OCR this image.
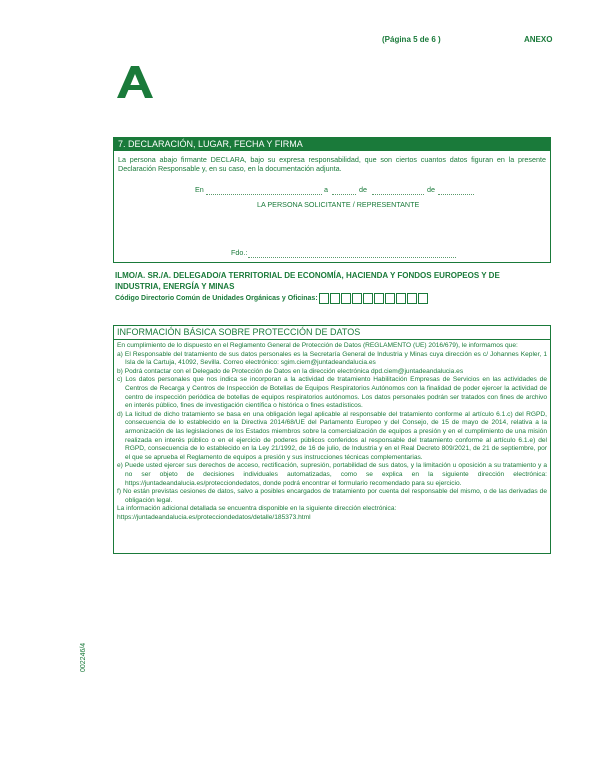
(Página 5 de 6 )	ANEXO
7. DECLARACIÓN, LUGAR, FECHA Y FIRMA
La persona abajo firmante DECLARA, bajo su expresa responsabilidad, que son ciertos cuantos datos figuran en la presente Declaración Responsable y, en su caso, en la documentación adjunta.
En	a	de	de
LA PERSONA SOLICITANTE / REPRESENTANTE
Fdo.:
ILMO/A. SR./A. DELEGADO/A TERRITORIAL DE ECONOMÍA, HACIENDA Y FONDOS EUROPEOS Y DE INDUSTRIA, ENERGÍA Y MINAS
Código Directorio Común de Unidades Orgánicas y Oficinas:
INFORMACIÓN BÁSICA SOBRE PROTECCIÓN DE DATOS
En cumplimiento de lo dispuesto en el Reglamento General de Protección de Datos (REGLAMENTO (UE) 2016/679), le informamos que:
a) El Responsable del tratamiento de sus datos personales es la Secretaría General de Industria y Minas cuya dirección es c/ Johannes Kepler, 1 Isla de la Cartuja, 41092, Sevilla. Correo electrónico: sgim.ciem@juntadeandalucia.es
b) Podrá contactar con el Delegado de Protección de Datos en la dirección electrónica dpd.ciem@juntadeandalucia.es
c) Los datos personales que nos indica se incorporan a la actividad de tratamiento Habilitación Empresas de Servicios en las actividades de Centros de Recarga y Centros de Inspección de Botellas de Equipos Respiratorios Autónomos con la finalidad de poder ejercer la actividad de centro de inspección periódica de botellas de equipos respiratorios autónomos. Los datos personales podrán ser tratados con fines de archivo en interés público, fines de investigación científica o histórica o fines estadísticos.
d) La licitud de dicho tratamiento se basa en una obligación legal aplicable al responsable del tratamiento conforme al artículo 6.1.c) del RGPD, consecuencia de lo establecido en la Directiva 2014/68/UE del Parlamento Europeo y del Consejo, de 15 de mayo de 2014, relativa a la armonización de las legislaciones de los Estados miembros sobre la comercialización de equipos a presión y en el cumplimiento de una misión realizada en interés público o en el ejercicio de poderes públicos conferidos al responsable del tratamiento conforme al artículo 6.1.e) del RGPD, consecuencia de lo establecido en la Ley 21/1992, de 16 de julio, de Industria y en el Real Decreto 809/2021, de 21 de septiembre, por el que se aprueba el Reglamento de equipos a presión y sus instrucciones técnicas complementarias.
e) Puede usted ejercer sus derechos de acceso, rectificación, supresión, portabilidad de sus datos, y la limitación u oposición a su tratamiento y a no ser objeto de decisiones individuales automatizadas, como se explica en la siguiente dirección electrónica: https://juntadeandalucia.es/protecciondedatos, donde podrá encontrar el formulario recomendado para su ejercicio.
f) No están previstas cesiones de datos, salvo a posibles encargados de tratamiento por cuenta del responsable del mismo, o de las derivadas de obligación legal.
La información adicional detallada se encuentra disponible en la siguiente dirección electrónica:
https://juntadeandalucia.es/protecciondedatos/detalle/185373.html
002246/4
